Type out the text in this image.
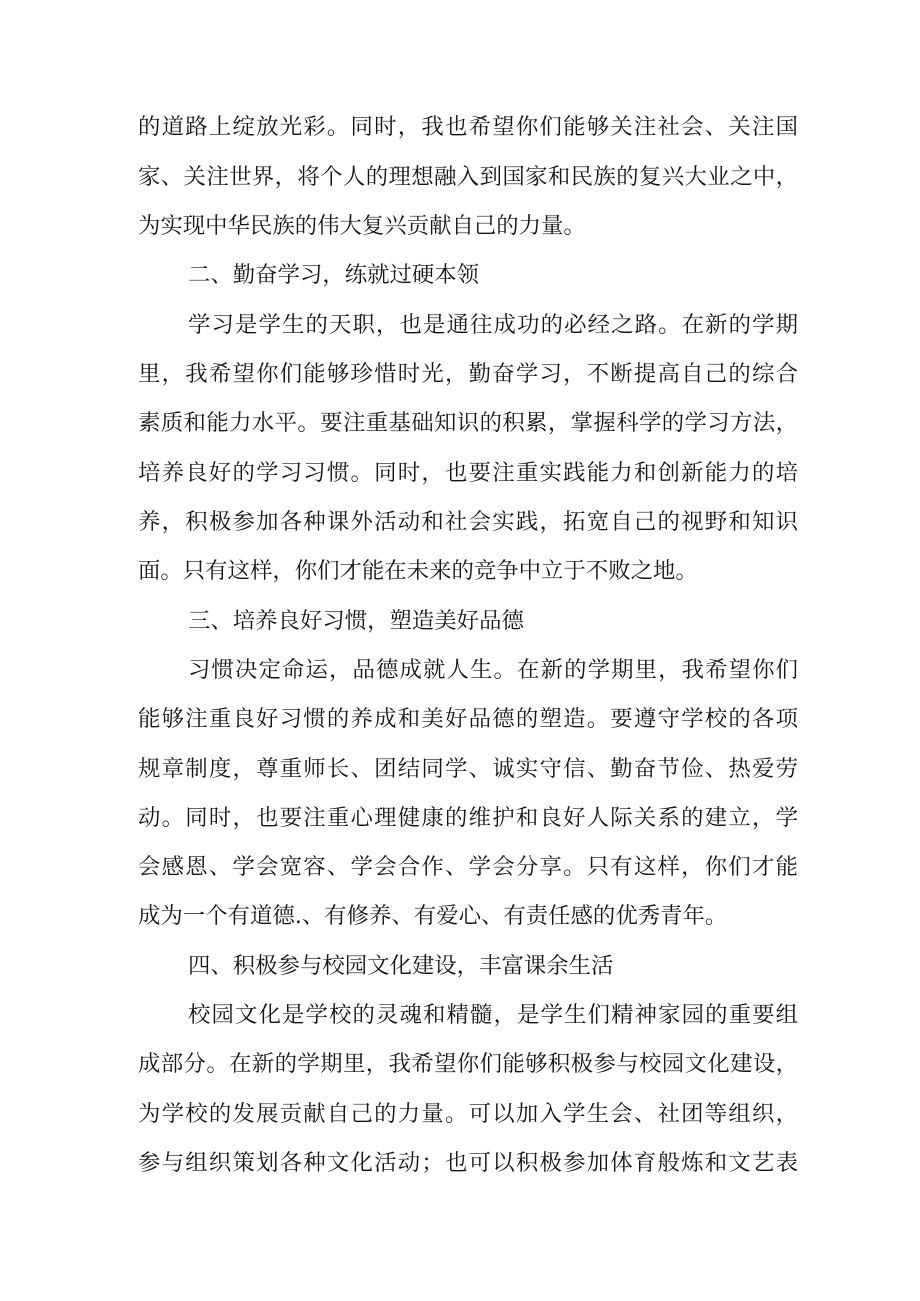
的道路上绽放光彩。同时，我也希望你们能够关注社会、关注国
家、关注世界，将个人的理想融入到国家和民族的复兴大业之中，
为实现中华民族的伟大复兴贡献自己的力量。
二、勤奋学习，练就过硬本领
学习是学生的天职，也是通往成功的必经之路。在新的学期
里，我希望你们能够珍惜时光，勤奋学习，不断提高自己的综合
素质和能力水平。要注重基础知识的积累，掌握科学的学习方法，
培养良好的学习习惯。同时，也要注重实践能力和创新能力的培
养，积极参加各种课外活动和社会实践，拓宽自己的视野和知识
面。只有这样，你们才能在未来的竞争中立于不败之地。
三、培养良好习惯，塑造美好品德
习惯决定命运，品德成就人生。在新的学期里，我希望你们
能够注重良好习惯的养成和美好品德的塑造。要遵守学校的各项
规章制度，尊重师长、团结同学、诚实守信、勤奋节俭、热爱劳
动。同时，也要注重心理健康的维护和良好人际关系的建立，学
会感恩、学会宽容、学会合作、学会分享。只有这样，你们才能
成为一个有道德.、有修养、有爱心、有责任感的优秀青年。
四、积极参与校园文化建设，丰富课余生活
校园文化是学校的灵魂和精髓，是学生们精神家园的重要组
成部分。在新的学期里，我希望你们能够积极参与校园文化建设，
为学校的发展贡献自己的力量。可以加入学生会、社团等组织，
参与组织策划各种文化活动；也可以积极参加体育般炼和文艺表
